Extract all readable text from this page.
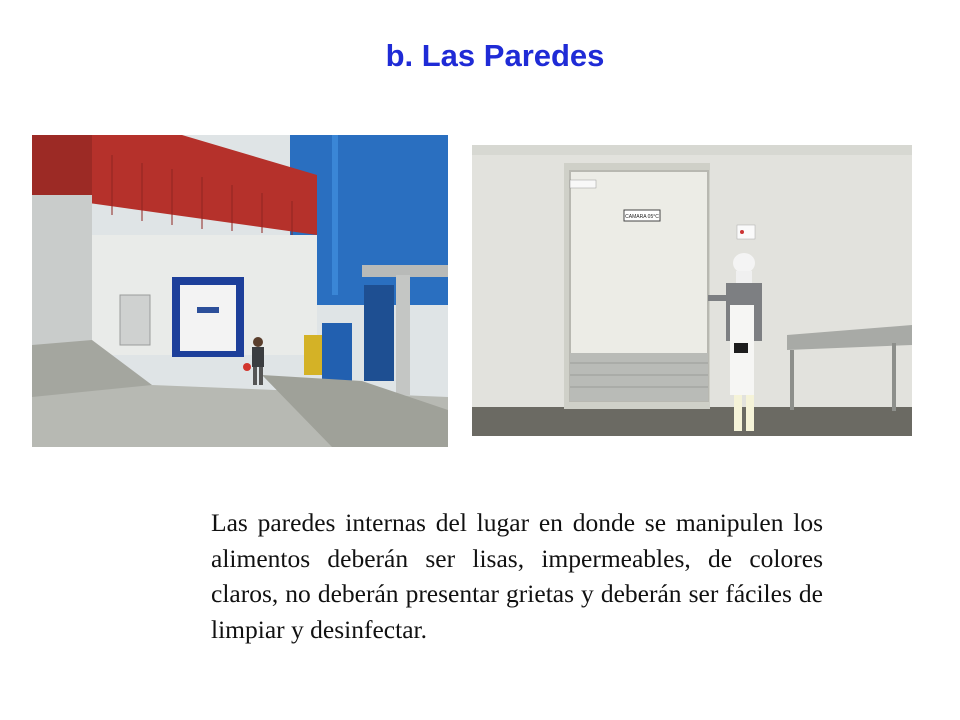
b. Las Paredes
CAMARA 05°C

Las paredes internas del lugar en donde se manipulen los alimentos deberán ser lisas, impermeables, de colores claros, no deberán presentar grietas y deberán ser fáciles de limpiar y desinfectar.
